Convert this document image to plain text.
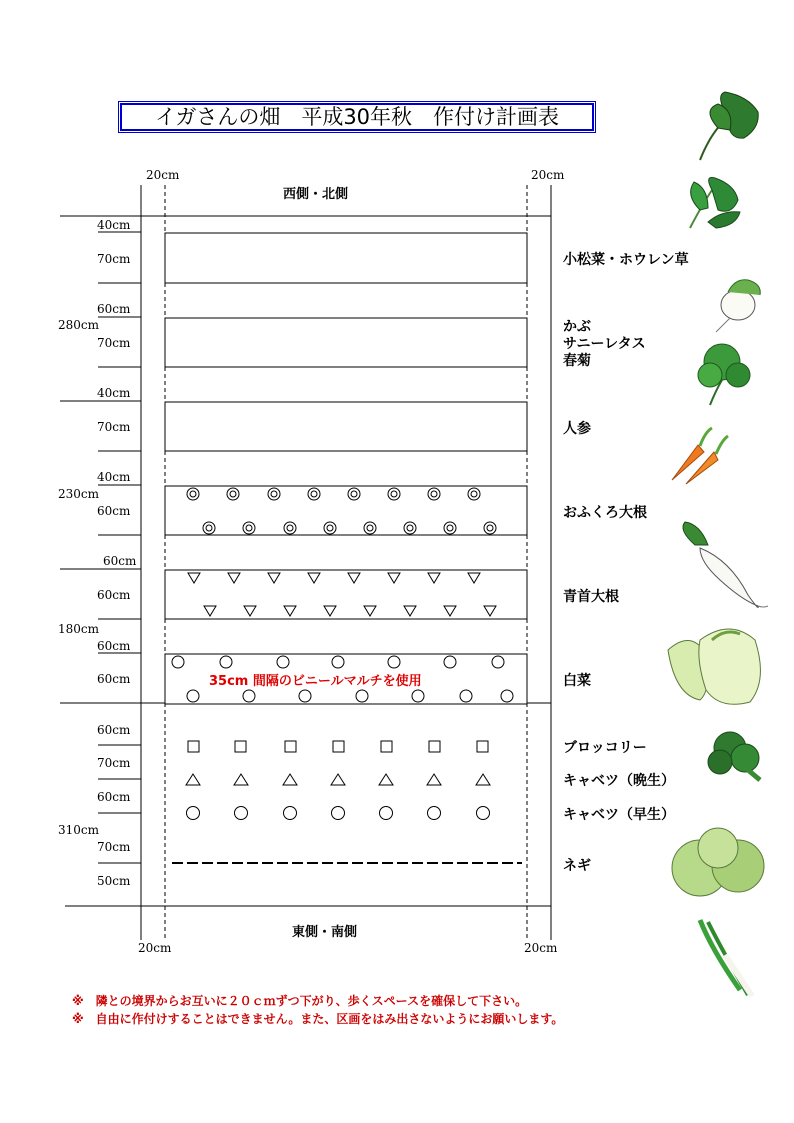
イガさんの畑　平成30年秋　作付け計画表
西側・北側
東側・南側
20cm	20cm
20cm	20cm
40cm
70cm
60cm
70cm
40cm
70cm
40cm
60cm
60cm
60cm
60cm
60cm
60cm
70cm
60cm
70cm
50cm
280cm
230cm
180cm
310cm
35cm 間隔のビニールマルチを使用
小松菜・ホウレン草
かぶ
サニーレタス
春菊
人参
おふくろ大根
青首大根
白菜
ブロッコリー
キャベツ（晩生）
キャベツ（早生）
ネギ
※　隣との境界からお互いに２０ｃｍずつ下がり、歩くスペースを確保して下さい。
※　自由に作付けすることはできません。また、区画をはみ出さないようにお願いします。
